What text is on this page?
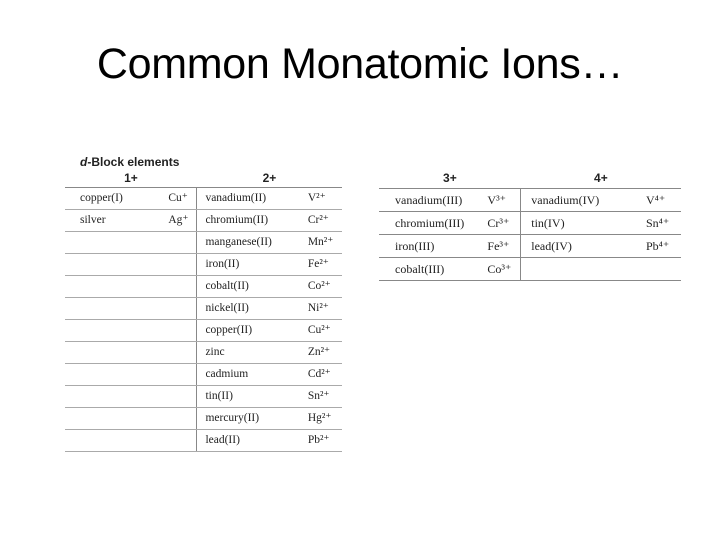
Common Monatomic Ions…
d-Block elements
1+		2+	
copper(I)	Cu⁺	vanadium(II)	V²⁺
silver	Ag⁺	chromium(II)	Cr²⁺
		manganese(II)	Mn²⁺
		iron(II)	Fe²⁺
		cobalt(II)	Co²⁺
		nickel(II)	Ni²⁺
		copper(II)	Cu²⁺
		zinc	Zn²⁺
		cadmium	Cd²⁺
		tin(II)	Sn²⁺
		mercury(II)	Hg²⁺
		lead(II)	Pb²⁺
3+		4+	
vanadium(III)	V³⁺	vanadium(IV)	V⁴⁺
chromium(III)	Cr³⁺	tin(IV)	Sn⁴⁺
iron(III)	Fe³⁺	lead(IV)	Pb⁴⁺
cobalt(III)	Co³⁺		
